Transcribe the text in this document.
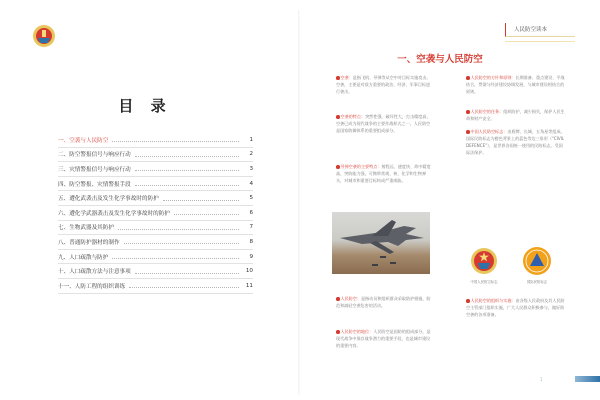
目 录
一、空袭与人民防空	1
二、防空警报信号与响应行动	2
三、灾情警报信号与响应行动	3
四、防空警报、灾情警报手段	4
五、遭化武袭击及发生化学事故时的防护	5
六、遭化学武器袭击及发生化学事故时的防护	6
七、生物武器及其防护	7
八、普通防护器材的制作	8
九、人口疏散与防护	9
十、人口疏散方法与注意事项	10
十一、人防工程的组织训练	11
人民防空读本
一、空袭与人民防空
空袭：是指飞机、导弹等从空中对目标实施攻击。空袭，主要是对敌方重要的政治、经济、军事目标进行袭击。
空袭的特点：突然性强，破坏性大，打击精度高，空袭已成为现代战争的主要作战样式之一，人民防空是国家防御体系的重要组成部分。
导弹空袭的主要特点：射程远、速度快、命中精度高，突防能力强，可携带常规、核、化学和生物弹头，对城市和重要目标构成严重威胁。
人民防空：是指动员和组织群众采取防护措施，防范和减轻空袭危害的活动。
人民防空的地位：人民防空是国防的组成部分，是现代战争中保存战争潜力的重要手段，也是城市建设的重要内容。
人民防空的方针和原则：长期准备、重点建设、平战结合，贯彻与经济建设协调发展、与城市建设相结合的原则。
人民防空的任务：组织防护，减少损失，保护人民生命和财产安全。
中国人民防空标志：由盾牌、长城、五角星等组成。国际民防标志为橙色背景上的蓝色等边三角形（"CIVIL DEFENCE"），是世界各国统一使用的民防标志，受国际法保护。
中国人民防空标志	国际民防标志
人民防空的组织与实施：由各级人民政府及其人民防空主管部门组织实施，广大人民群众积极参与，做好防空袭的各项准备。
1
